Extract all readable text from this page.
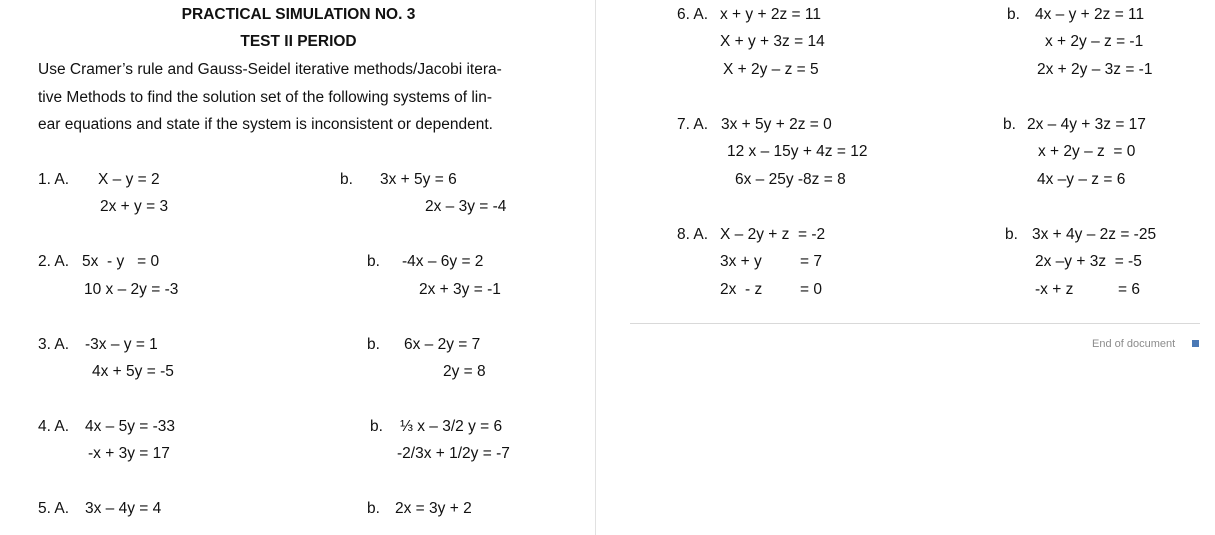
PRACTICAL SIMULATION NO. 3
TEST II PERIOD
Use Cramer’s rule and Gauss-Seidel iterative methods/Jacobi itera-
tive Methods to find the solution set of the following systems of lin-
ear equations and state if the system is inconsistent or dependent.
1. A. X – y = 2
2x + y = 3
b. 3x + 5y = 6
2x – 3y = -4
2. A. 5x  - y   = 0
10 x – 2y = -3
b. -4x – 6y = 2
2x + 3y = -1
3. A. -3x – y = 1
4x + 5y = -5
b. 6x – 2y = 7
2y = 8
4. A. 4x – 5y = -33
-x + 3y = 17
b. ⅓ x – 3/2 y = 6
-2/3x + 1/2y = -7
5. A. 3x – 4y = 4	b. 2x = 3y + 2
6. A. x + y + 2z = 11
X + y + 3z = 14
X + 2y – z = 5
b. 4x – y + 2z = 11
x + 2y – z = -1
2x + 2y – 3z = -1
7. A. 3x + 5y + 2z = 0
12 x – 15y + 4z = 12
6x – 25y -8z = 8
b. 2x – 4y + 3z = 17
x + 2y – z  = 0
4x –y – z = 6
8. A. X – 2y + z  = -2
3x + y = 7
2x  - z = 0
b. 3x + 4y – 2z = -25
2x –y + 3z  = -5
-x + z	= 6
End of document
